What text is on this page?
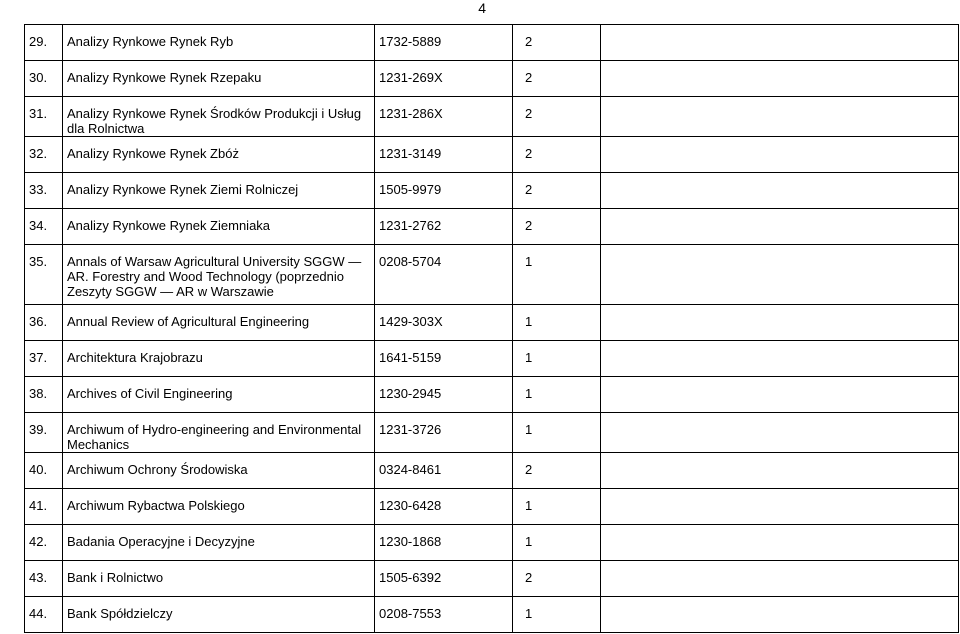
4
29.	Analizy Rynkowe Rynek Ryb	1732-5889	2	
30.	Analizy Rynkowe Rynek Rzepaku	1231-269X	2	
31.	Analizy Rynkowe Rynek Środków Produkcji i Usług dla Rolnictwa	1231-286X	2	
32.	Analizy Rynkowe Rynek Zbóż	1231-3149	2	
33.	Analizy Rynkowe Rynek Ziemi Rolniczej	1505-9979	2	
34.	Analizy Rynkowe Rynek Ziemniaka	1231-2762	2	
35.	Annals of Warsaw Agricultural University SGGW — AR. Forestry and Wood Technology (poprzednio Zeszyty SGGW — AR w Warszawie	0208-5704	1	
36.	Annual Review of Agricultural Engineering	1429-303X	1	
37.	Architektura Krajobrazu	1641-5159	1	
38.	Archives of Civil Engineering	1230-2945	1	
39.	Archiwum of Hydro-engineering and Environmental Mechanics	1231-3726	1	
40.	Archiwum Ochrony Środowiska	0324-8461	2	
41.	Archiwum Rybactwa Polskiego	1230-6428	1	
42.	Badania Operacyjne i Decyzyjne	1230-1868	1	
43.	Bank i Rolnictwo	1505-6392	2	
44.	Bank Spółdzielczy	0208-7553	1	
